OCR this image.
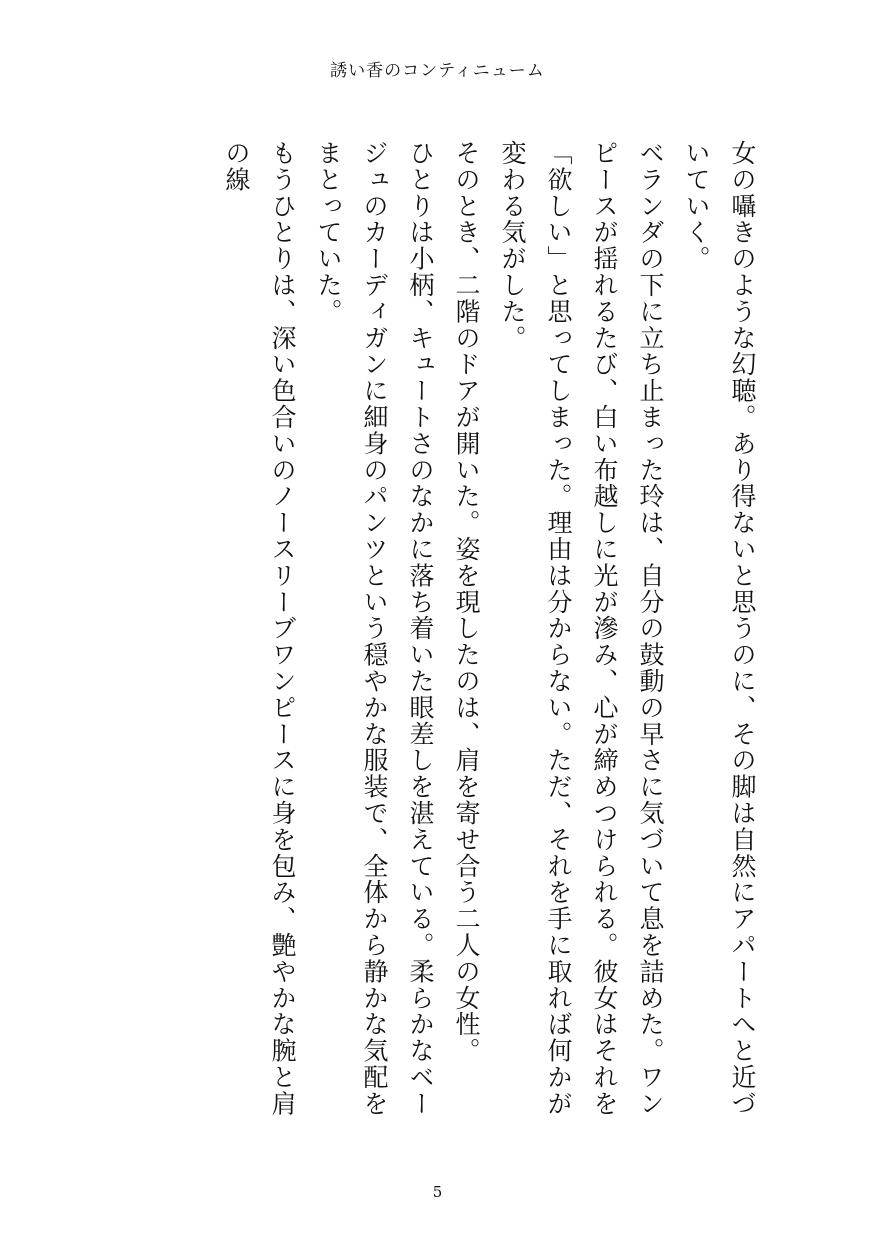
誘い香のコンティニューム

女の囁きのような幻聴。あり得ないと思うのに、その脚は自然にアパートへと近づいていく。

ベランダの下に立ち止まった玲は、自分の鼓動の早さに気づいて息を詰めた。ワンピースが揺れるたび、白い布越しに光が滲み、心が締めつけられる。彼女はそれを「欲しい」と思ってしまった。理由は分からない。ただ、それを手に取れば何かが変わる気がした。

そのとき、二階のドアが開いた。姿を現したのは、肩を寄せ合う二人の女性。

ひとりは小柄、キュートさのなかに落ち着いた眼差しを湛えている。柔らかなベージュのカーディガンに細身のパンツという穏やかな服装で、全体から静かな気配をまとっていた。

もうひとりは、深い色合いのノースリーブワンピースに身を包み、艶やかな腕と肩の線

5
